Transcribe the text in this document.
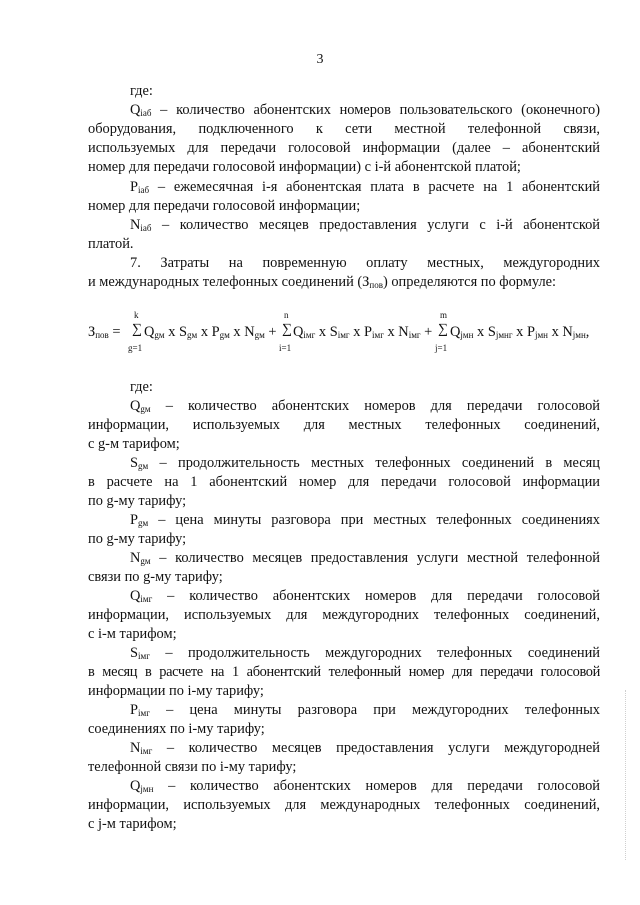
3
где:
$Q_{iаб}$ – количество абонентских номеров пользовательского (оконечного)
оборудования, подключенного к сети местной телефонной связи,
используемых для передачи голосовой информации (далее – абонентский
номер для передачи голосовой информации) с i-й абонентской платой;
$P_{iаб}$ – ежемесячная i-я абонентская плата в расчете на 1 абонентский
номер для передачи голосовой информации;
$N_{iаб}$ – количество месяцев предоставления услуги с i-й абонентской
платой.
7. Затраты на повременную оплату местных, междугородних
и международных телефонных соединений $(З_{пов})$ определяются по формуле:
$З_{пов}$ =
k
∑
g=1
$Q_{gм}$ x $S_{gм}$ x $P_{gм}$ x $N_{gм}$ +
n
∑
i=1
$Q_{iмг}$ x $S_{iмг}$ x $P_{iмг}$ x $N_{iмг}$ +
m
∑
j=1
$Q_{jмн}$ x $S_{jмнг}$ x $P_{jмн}$ x $N_{jмн}$,
где:
$Q_{gм}$ – количество абонентских номеров для передачи голосовой
информации, используемых для местных телефонных соединений,
с g-м тарифом;
$S_{gм}$ – продолжительность местных телефонных соединений в месяц
в расчете на 1 абонентский номер для передачи голосовой информации
по g-му тарифу;
$P_{gм}$ – цена минуты разговора при местных телефонных соединениях
по g-му тарифу;
$N_{gм}$ – количество месяцев предоставления услуги местной телефонной
связи по g-му тарифу;
$Q_{iмг}$ – количество абонентских номеров для передачи голосовой
информации, используемых для междугородних телефонных соединений,
с i-м тарифом;
$S_{iмг}$ – продолжительность междугородних телефонных соединений
в месяц в расчете на 1 абонентский телефонный номер для передачи голосовой
информации по i-му тарифу;
$P_{iмг}$ – цена минуты разговора при междугородних телефонных
соединениях по i-му тарифу;
$N_{iмг}$ – количество месяцев предоставления услуги междугородней
телефонной связи по i-му тарифу;
$Q_{jмн}$ – количество абонентских номеров для передачи голосовой
информации, используемых для международных телефонных соединений,
с j-м тарифом;
